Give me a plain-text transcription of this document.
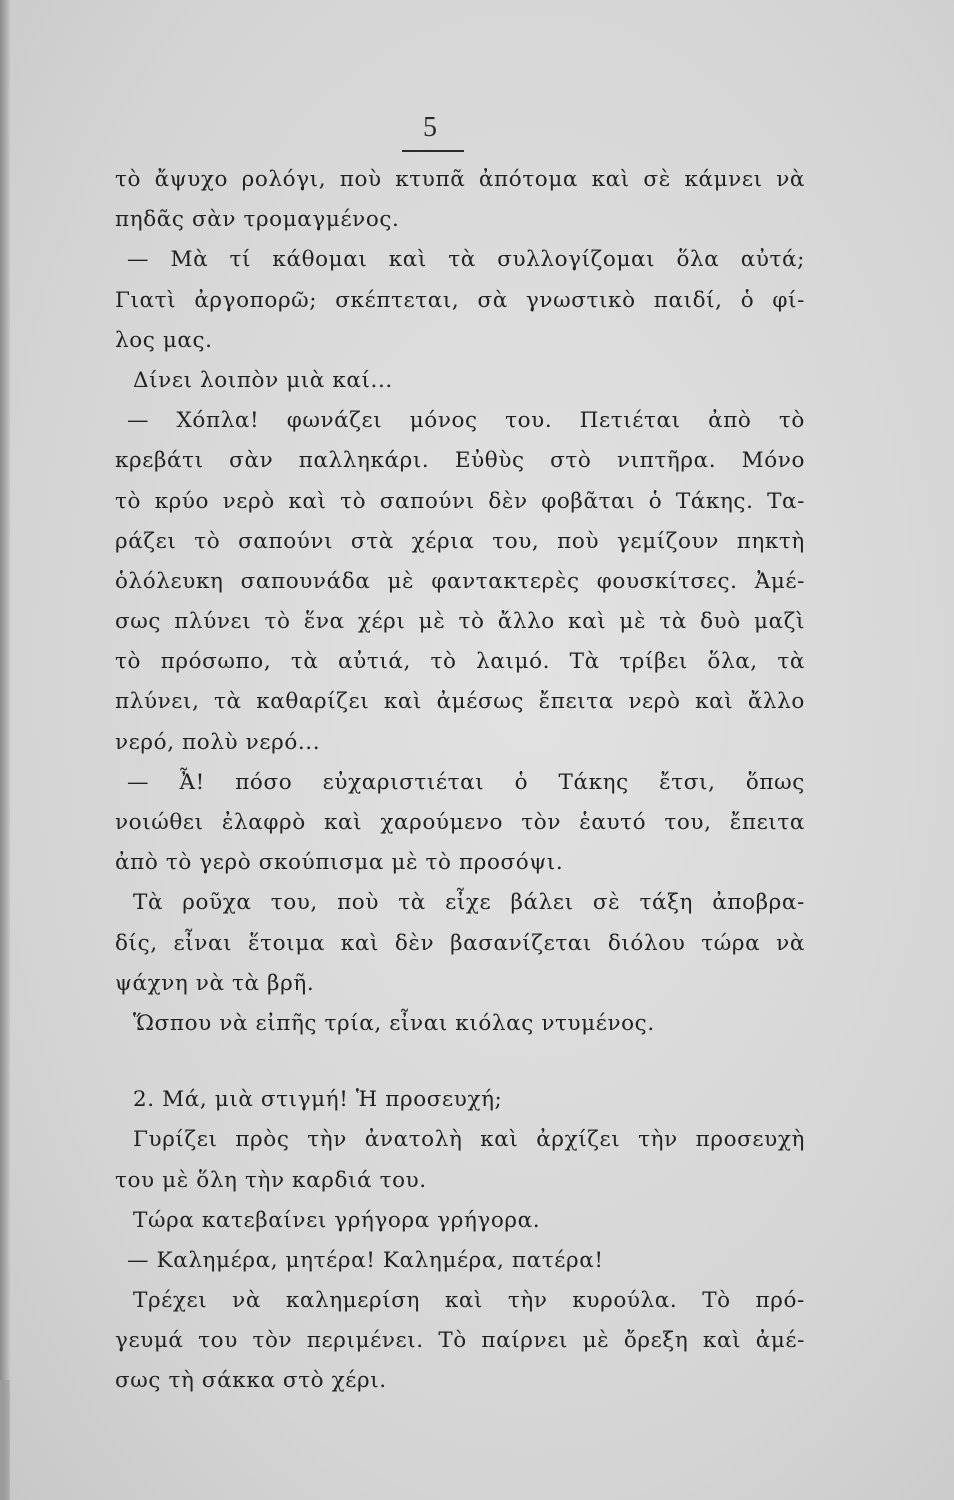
5
τὸ ἄψυχο ρολόγι, ποὺ κτυπᾶ ἀπότομα καὶ σὲ κάμνει νὰ
πηδᾶς σὰν τρομαγμένος.
— Μὰ τί κάθομαι καὶ τὰ συλλογίζομαι ὅλα αὐτά;
Γιατὶ ἀργοπορῶ; σκέπτεται, σὰ γνωστικὸ παιδί, ὁ φί-
λος μας.
Δίνει λοιπὸν μιὰ καί...
— Χόπλα! φωνάζει μόνος του. Πετιέται ἀπὸ τὸ
κρεβάτι σὰν παλληκάρι. Εὐθὺς στὸ νιπτῆρα. Μόνο
τὸ κρύο νερὸ καὶ τὸ σαπούνι δὲν φοβᾶται ὁ Τάκης. Τα-
ράζει τὸ σαπούνι στὰ χέρια του, ποὺ γεμίζουν πηκτὴ
ὁλόλευκη σαπουνάδα μὲ φαντακτερὲς φουσκίτσες. Ἀμέ-
σως πλύνει τὸ ἕνα χέρι μὲ τὸ ἄλλο καὶ μὲ τὰ δυὸ μαζὶ
τὸ πρόσωπο, τὰ αὐτιά, τὸ λαιμό. Τὰ τρίβει ὅλα, τὰ
πλύνει, τὰ καθαρίζει καὶ ἀμέσως ἔπειτα νερὸ καὶ ἄλλο
νερό, πολὺ νερό...
— Ἆ! πόσο εὐχαριστιέται ὁ Τάκης ἔτσι, ὅπως
νοιώθει ἐλαφρὸ καὶ χαρούμενο τὸν ἑαυτό του, ἔπειτα
ἀπὸ τὸ γερὸ σκούπισμα μὲ τὸ προσόψι.
Τὰ ροῦχα του, ποὺ τὰ εἶχε βάλει σὲ τάξη ἀποβρα-
δίς, εἶναι ἕτοιμα καὶ δὲν βασανίζεται διόλου τώρα νὰ
ψάχνη νὰ τὰ βρῆ.
Ὥσπου νὰ εἰπῆς τρία, εἶναι κιόλας ντυμένος.
2. Μά, μιὰ στιγμή! Ἡ προσευχή;
Γυρίζει πρὸς τὴν ἀνατολὴ καὶ ἀρχίζει τὴν προσευχὴ
του μὲ ὅλη τὴν καρδιά του.
Τώρα κατεβαίνει γρήγορα γρήγορα.
— Καλημέρα, μητέρα! Καλημέρα, πατέρα!
Τρέχει νὰ καλημερίση καὶ τὴν κυρούλα. Τὸ πρό-
γευμά του τὸν περιμένει. Τὸ παίρνει μὲ ὄρεξη καὶ ἀμέ-
σως τὴ σάκκα στὸ χέρι.
